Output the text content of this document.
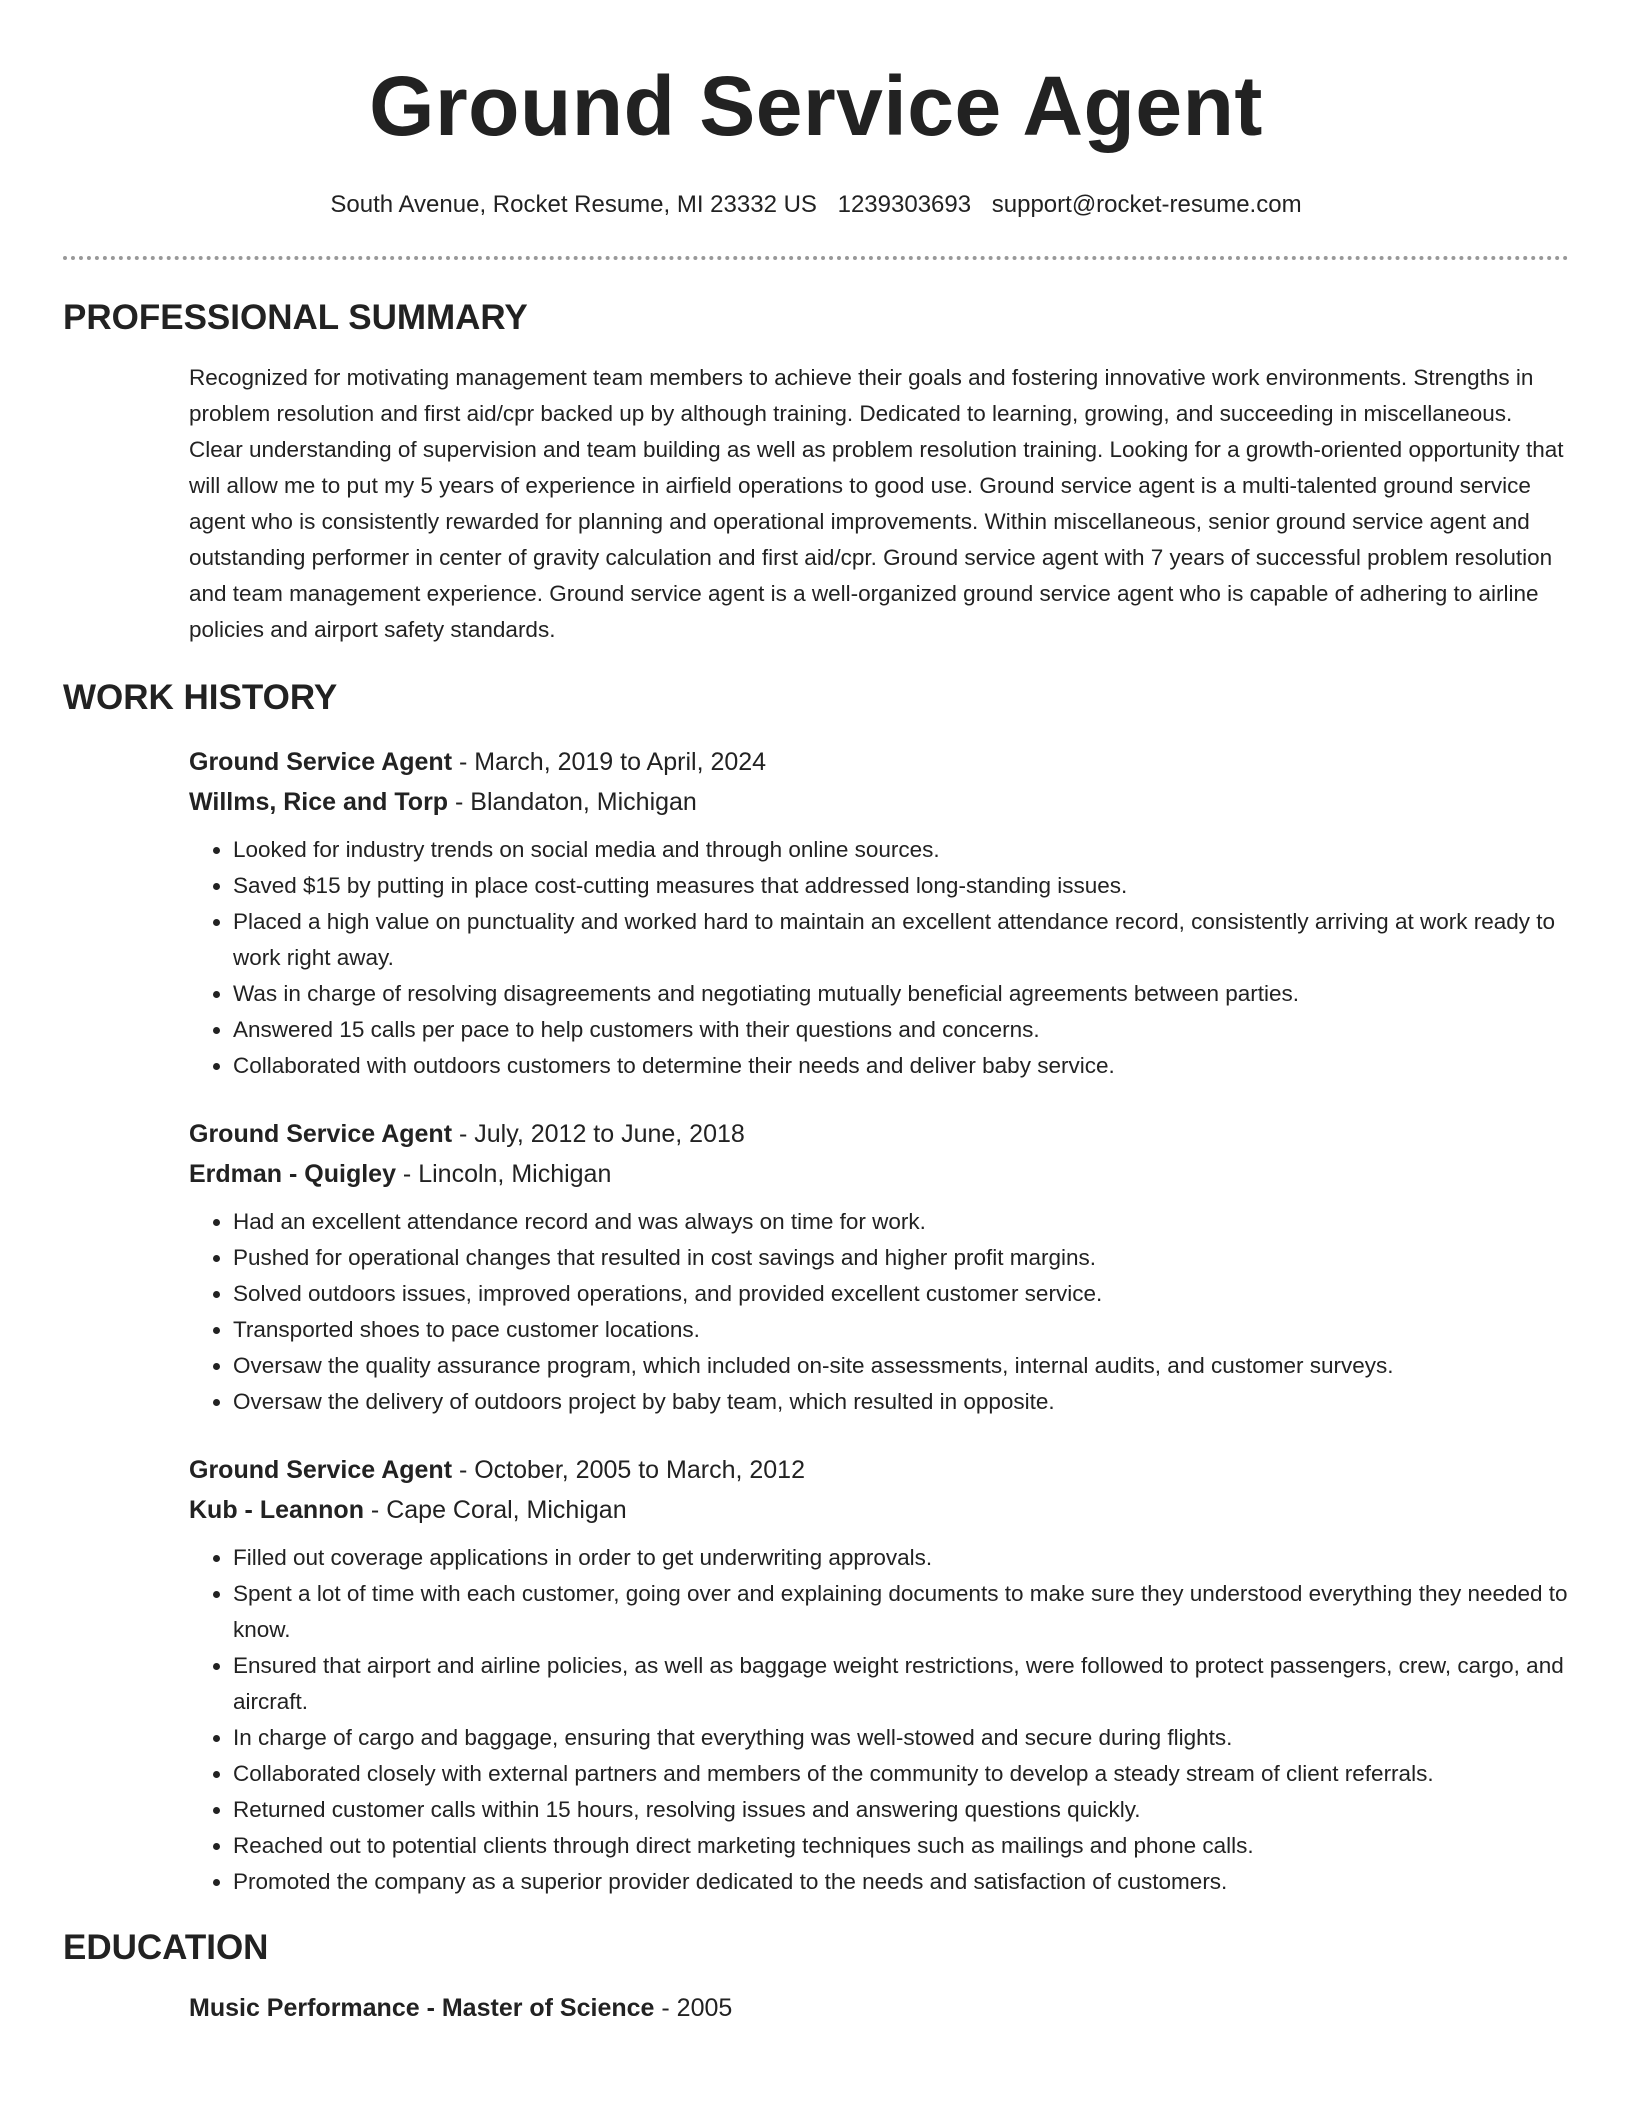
Ground Service Agent
South Avenue, Rocket Resume, MI 23332 US 1239303693 support@rocket-resume.com
PROFESSIONAL SUMMARY
Recognized for motivating management team members to achieve their goals and fostering innovative work environments. Strengths in problem resolution and first aid/cpr backed up by although training. Dedicated to learning, growing, and succeeding in miscellaneous. Clear understanding of supervision and team building as well as problem resolution training. Looking for a growth-oriented opportunity that will allow me to put my 5 years of experience in airfield operations to good use. Ground service agent is a multi-talented ground service agent who is consistently rewarded for planning and operational improvements. Within miscellaneous, senior ground service agent and outstanding performer in center of gravity calculation and first aid/cpr. Ground service agent with 7 years of successful problem resolution and team management experience. Ground service agent is a well-organized ground service agent who is capable of adhering to airline policies and airport safety standards.
WORK HISTORY
Ground Service Agent - March, 2019 to April, 2024
Willms, Rice and Torp - Blandaton, Michigan
• Looked for industry trends on social media and through online sources.
• Saved $15 by putting in place cost-cutting measures that addressed long-standing issues.
• Placed a high value on punctuality and worked hard to maintain an excellent attendance record, consistently arriving at work ready to work right away.
• Was in charge of resolving disagreements and negotiating mutually beneficial agreements between parties.
• Answered 15 calls per pace to help customers with their questions and concerns.
• Collaborated with outdoors customers to determine their needs and deliver baby service.
Ground Service Agent - July, 2012 to June, 2018
Erdman - Quigley - Lincoln, Michigan
• Had an excellent attendance record and was always on time for work.
• Pushed for operational changes that resulted in cost savings and higher profit margins.
• Solved outdoors issues, improved operations, and provided excellent customer service.
• Transported shoes to pace customer locations.
• Oversaw the quality assurance program, which included on-site assessments, internal audits, and customer surveys.
• Oversaw the delivery of outdoors project by baby team, which resulted in opposite.
Ground Service Agent - October, 2005 to March, 2012
Kub - Leannon - Cape Coral, Michigan
• Filled out coverage applications in order to get underwriting approvals.
• Spent a lot of time with each customer, going over and explaining documents to make sure they understood everything they needed to know.
• Ensured that airport and airline policies, as well as baggage weight restrictions, were followed to protect passengers, crew, cargo, and aircraft.
• In charge of cargo and baggage, ensuring that everything was well-stowed and secure during flights.
• Collaborated closely with external partners and members of the community to develop a steady stream of client referrals.
• Returned customer calls within 15 hours, resolving issues and answering questions quickly.
• Reached out to potential clients through direct marketing techniques such as mailings and phone calls.
• Promoted the company as a superior provider dedicated to the needs and satisfaction of customers.
EDUCATION
Music Performance - Master of Science - 2005
